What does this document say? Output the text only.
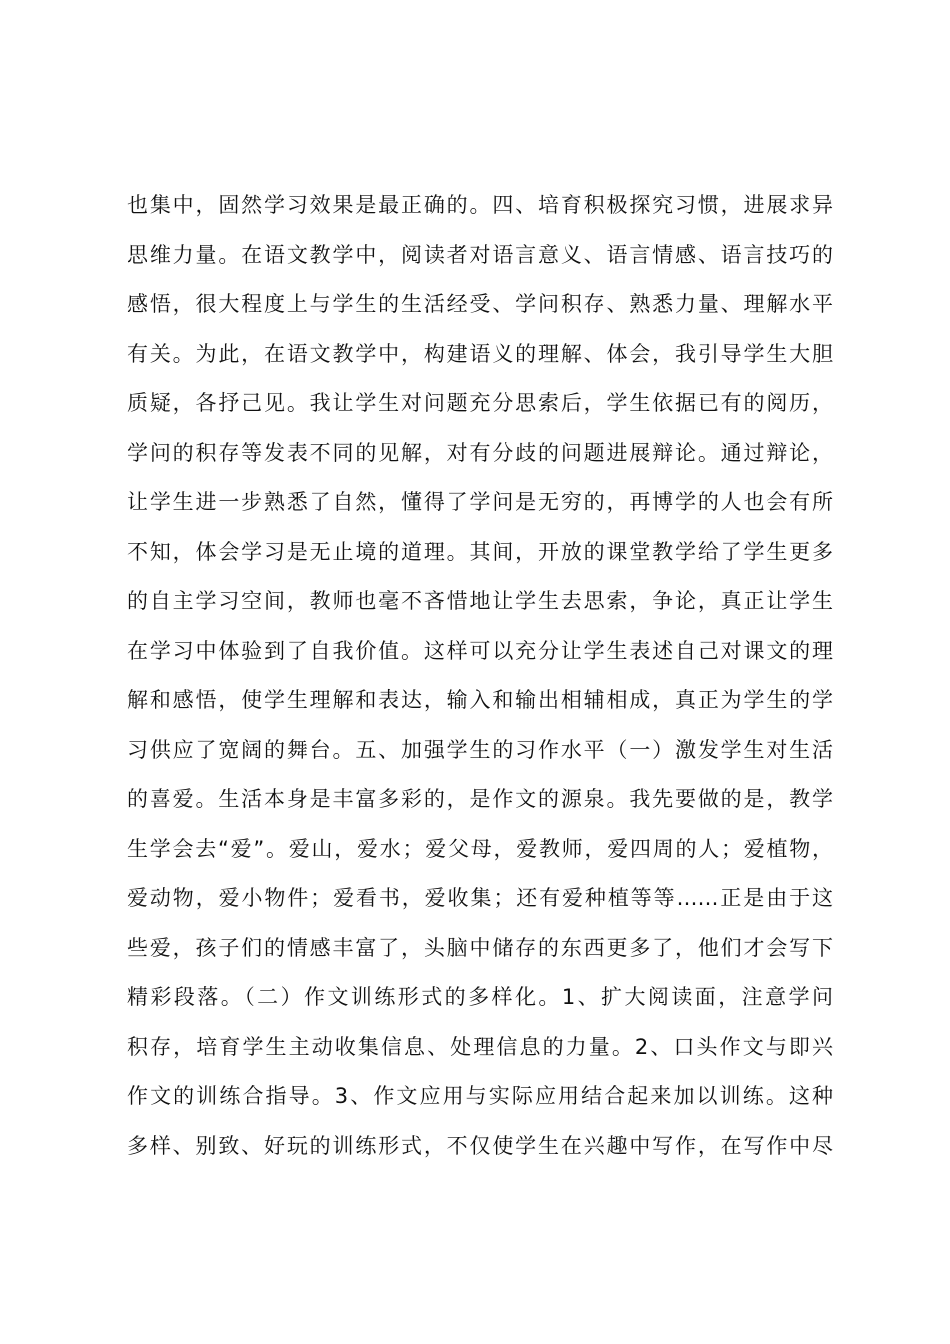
也集中，固然学习效果是最正确的。四、培育积极探究习惯，进展求异
思维力量。在语文教学中，阅读者对语言意义、语言情感、语言技巧的
感悟，很大程度上与学生的生活经受、学问积存、熟悉力量、理解水平
有关。为此，在语文教学中，构建语义的理解、体会，我引导学生大胆
质疑，各抒己见。我让学生对问题充分思索后，学生依据已有的阅历，
学问的积存等发表不同的见解，对有分歧的问题进展辩论。通过辩论，
让学生进一步熟悉了自然，懂得了学问是无穷的，再博学的人也会有所
不知，体会学习是无止境的道理。其间，开放的课堂教学给了学生更多
的自主学习空间，教师也毫不吝惜地让学生去思索，争论，真正让学生
在学习中体验到了自我价值。这样可以充分让学生表述自己对课文的理
解和感悟，使学生理解和表达，输入和输出相辅相成，真正为学生的学
习供应了宽阔的舞台。五、加强学生的习作水平（一）激发学生对生活
的喜爱。生活本身是丰富多彩的，是作文的源泉。我先要做的是，教学
生学会去“爱”。爱山，爱水；爱父母，爱教师，爱四周的人；爱植物，
爱动物，爱小物件；爱看书，爱收集；还有爱种植等等……正是由于这
些爱，孩子们的情感丰富了，头脑中储存的东西更多了，他们才会写下
精彩段落。（二）作文训练形式的多样化。1、扩大阅读面，注意学问
积存，培育学生主动收集信息、处理信息的力量。2、口头作文与即兴
作文的训练合指导。3、作文应用与实际应用结合起来加以训练。这种
多样、别致、好玩的训练形式，不仅使学生在兴趣中写作，在写作中尽
